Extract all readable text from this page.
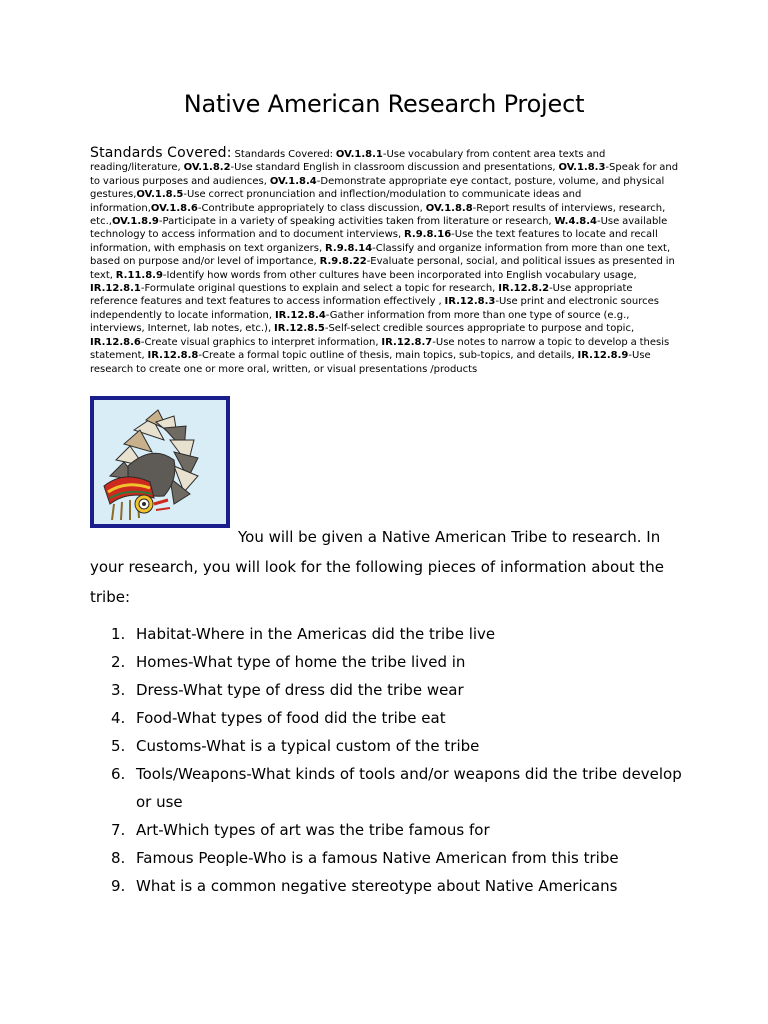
Native American Research Project

Standards Covered: Standards Covered: OV.1.8.1-Use vocabulary from content area texts and reading/literature, OV.1.8.2-Use standard English in classroom discussion and presentations, OV.1.8.3-Speak for and to various purposes and audiences, OV.1.8.4-Demonstrate appropriate eye contact, posture, volume, and physical gestures,OV.1.8.5-Use correct pronunciation and inflection/modulation to communicate ideas and information,OV.1.8.6-Contribute appropriately to class discussion, OV.1.8.8-Report results of interviews, research, etc.,OV.1.8.9-Participate in a variety of speaking activities taken from literature or research, W.4.8.4-Use available technology to access information and to document interviews, R.9.8.16-Use the text features to locate and recall information, with emphasis on text organizers, R.9.8.14-Classify and organize information from more than one text, based on purpose and/or level of importance, R.9.8.22-Evaluate personal, social, and political issues as presented in text, R.11.8.9-Identify how words from other cultures have been incorporated into English vocabulary usage, IR.12.8.1-Formulate original questions to explain and select a topic for research, IR.12.8.2-Use appropriate reference features and text features to access information effectively , IR.12.8.3-Use print and electronic sources independently to locate information, IR.12.8.4-Gather information from more than one type of source (e.g., interviews, Internet, lab notes, etc.), IR.12.8.5-Self-select credible sources appropriate to purpose and topic, IR.12.8.6-Create visual graphics to interpret information, IR.12.8.7-Use notes to narrow a topic to develop a thesis statement, IR.12.8.8-Create a formal topic outline of thesis, main topics, sub-topics, and details, IR.12.8.9-Use research to create one or more oral, written, or visual presentations /products

You will be given a Native American Tribe to research. In your research, you will look for the following pieces of information about the tribe:

1. Habitat-Where in the Americas did the tribe live
2. Homes-What type of home the tribe lived in
3. Dress-What type of dress did the tribe wear
4. Food-What types of food did the tribe eat
5. Customs-What is a typical custom of the tribe
6. Tools/Weapons-What kinds of tools and/or weapons did the tribe develop or use
7. Art-Which types of art was the tribe famous for
8. Famous People-Who is a famous Native American from this tribe
9. What is a common negative stereotype about Native Americans
